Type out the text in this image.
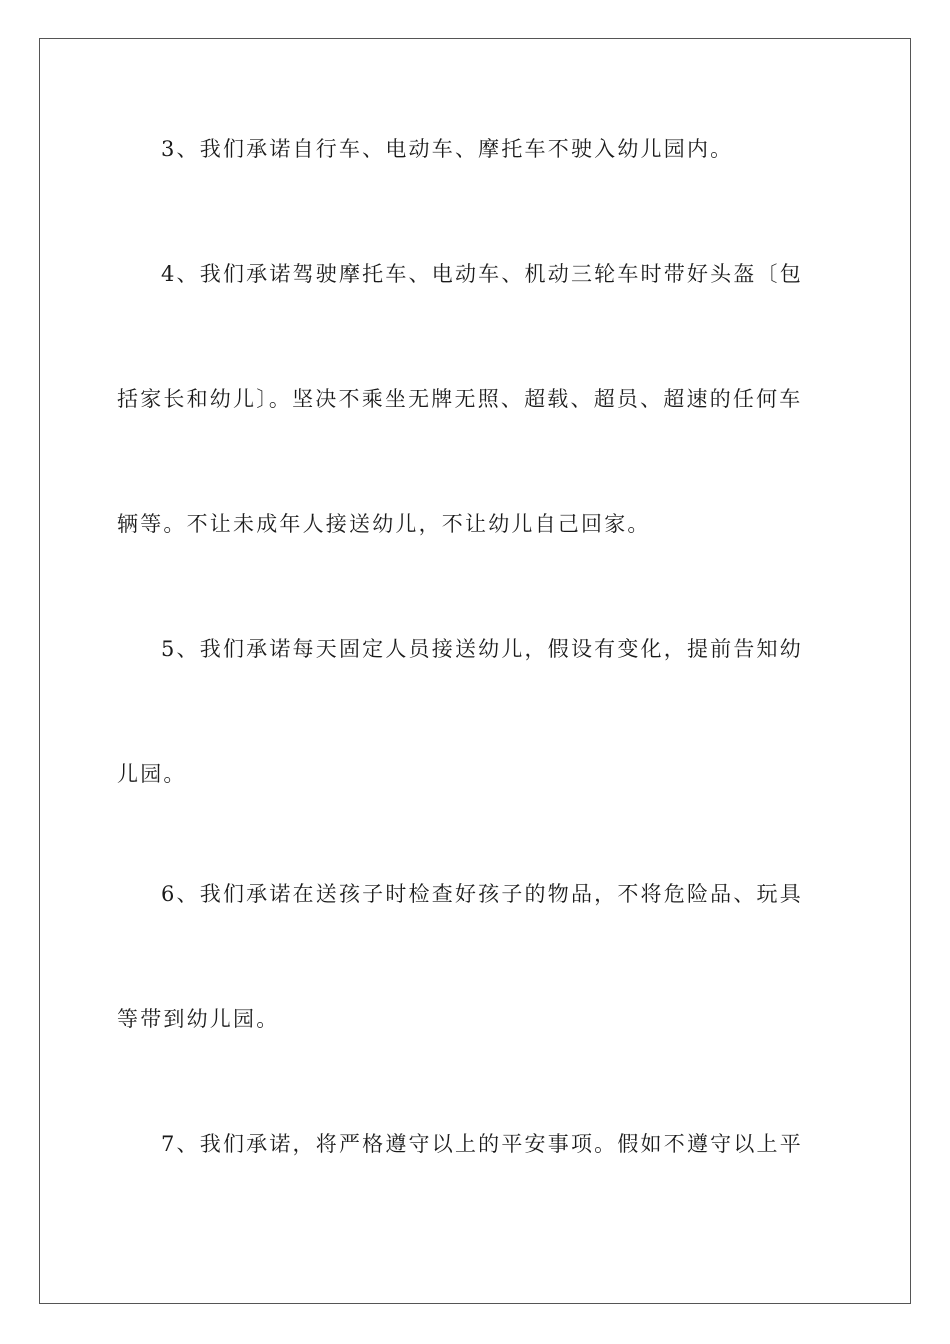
3、我们承诺自行车、电动车、摩托车不驶入幼儿园内。
4、我们承诺驾驶摩托车、电动车、机动三轮车时带好头盔〔包
括家长和幼儿〕。坚决不乘坐无牌无照、超载、超员、超速的任何车
辆等。不让未成年人接送幼儿，不让幼儿自己回家。
5、我们承诺每天固定人员接送幼儿，假设有变化，提前告知幼
儿园。
6、我们承诺在送孩子时检查好孩子的物品，不将危险品、玩具
等带到幼儿园。
7、我们承诺，将严格遵守以上的平安事项。假如不遵守以上平
